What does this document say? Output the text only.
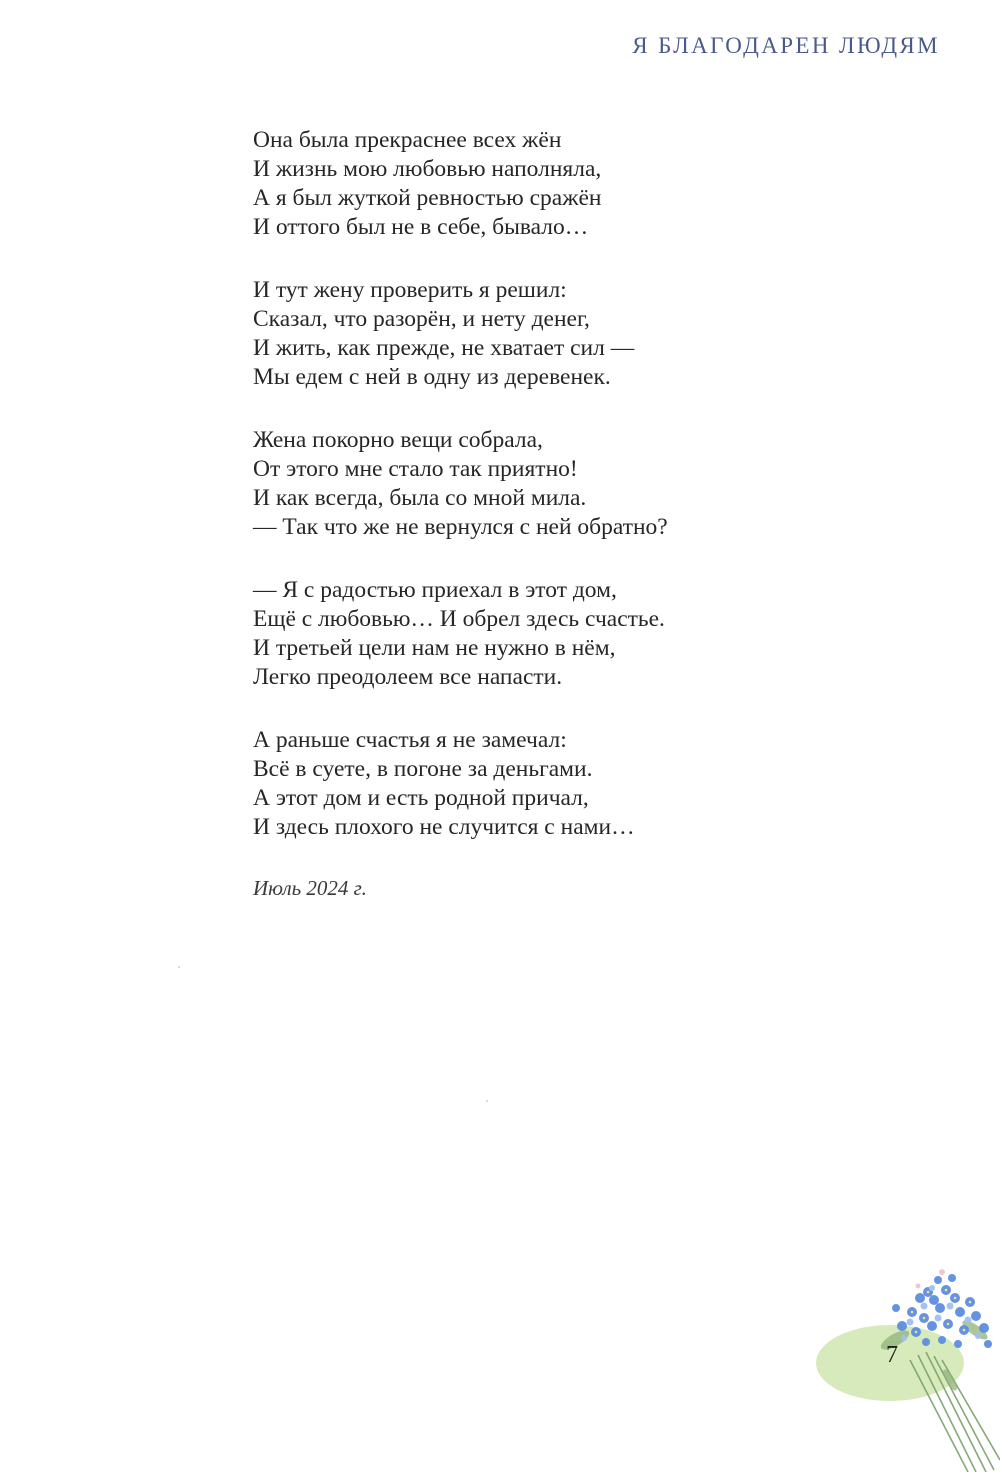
Я БЛАГОДАРЕН ЛЮДЯМ
Она была прекраснее всех жён
И жизнь мою любовью наполняла,
А я был жуткой ревностью сражён
И оттого был не в себе, бывало…
И тут жену проверить я решил:
Сказал, что разорён, и нету денег,
И жить, как прежде, не хватает сил —
Мы едем с ней в одну из деревенек.
Жена покорно вещи собрала,
От этого мне стало так приятно!
И как всегда, была со мной мила.
— Так что же не вернулся с ней обратно?
— Я с радостью приехал в этот дом,
Ещё с любовью… И обрел здесь счастье.
И третьей цели нам не нужно в нём,
Легко преодолеем все напасти.
А раньше счастья я не замечал:
Всё в суете, в погоне за деньгами.
А этот дом и есть родной причал,
И здесь плохого не случится с нами…
Июль 2024 г.
7
